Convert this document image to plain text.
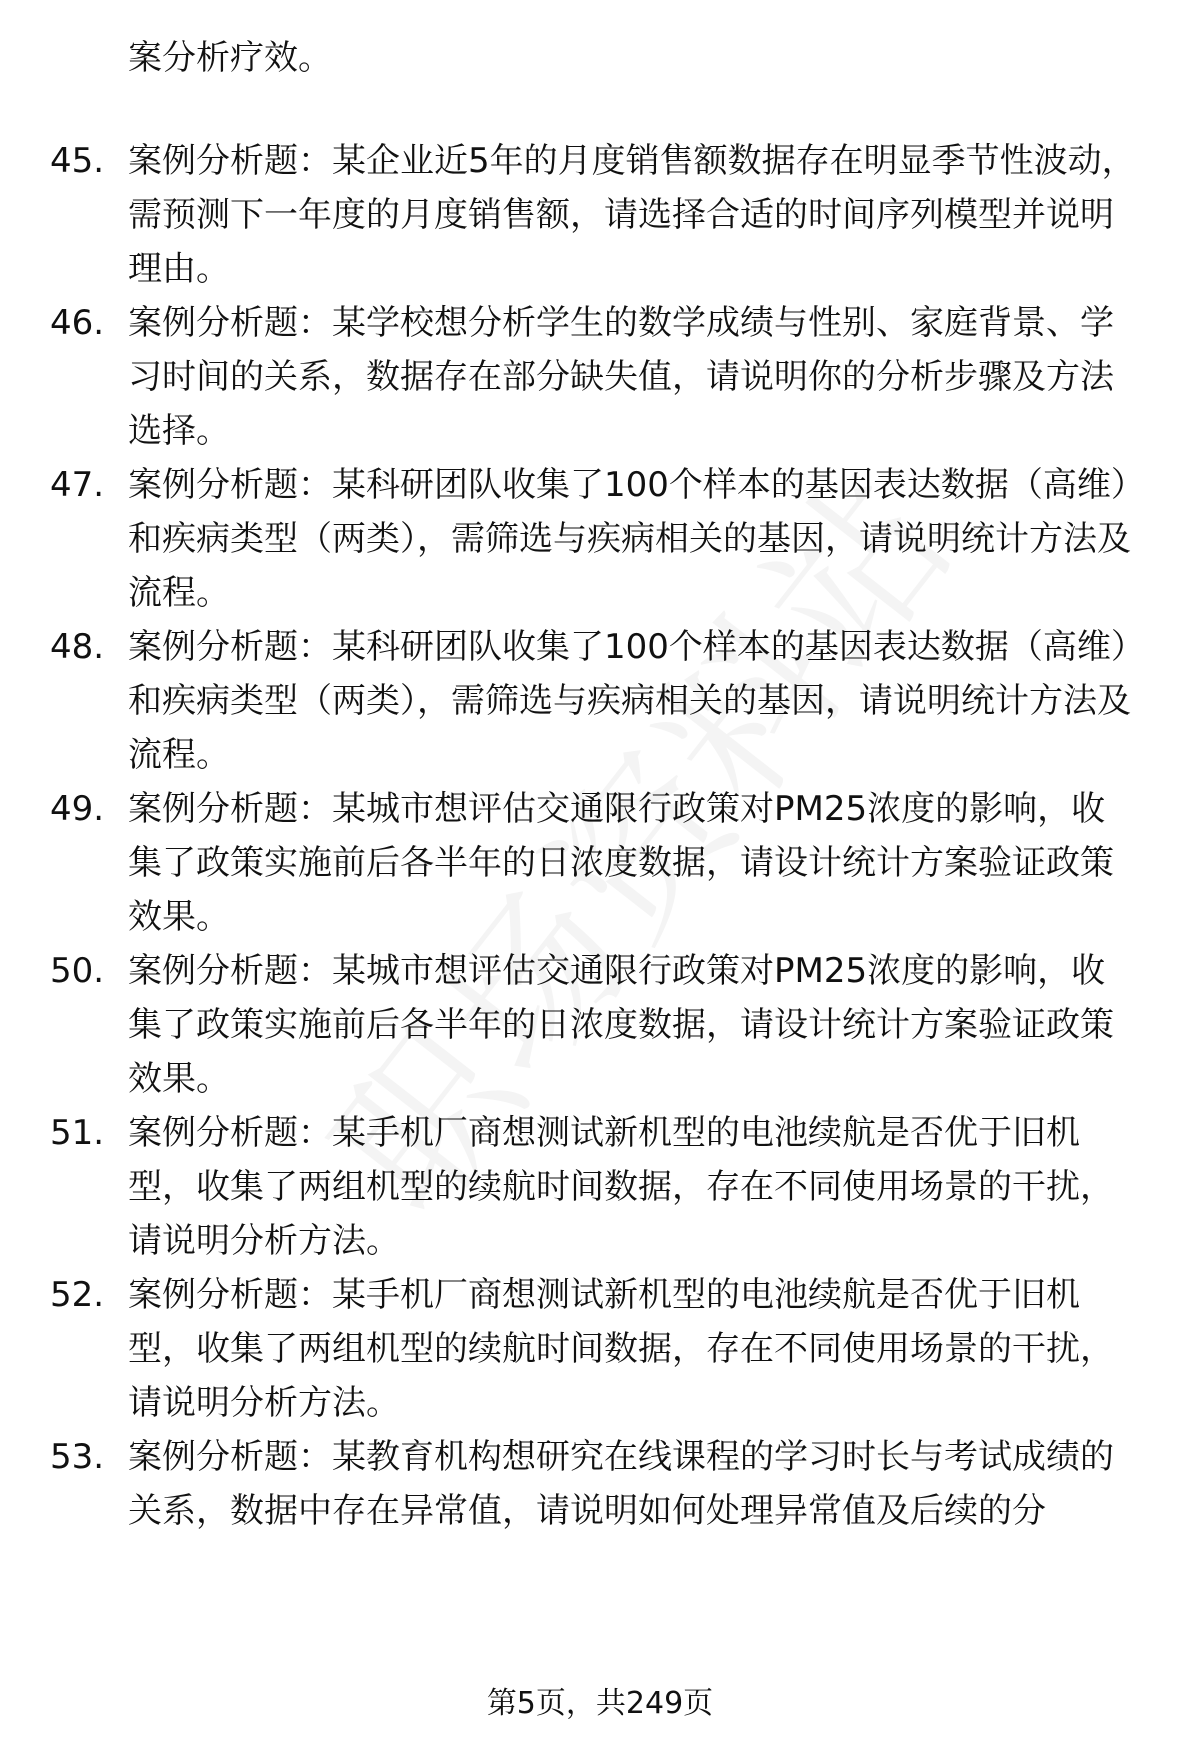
案分析疗效。

45. 案例分析题：某企业近5年的月度销售额数据存在明显季节性波动，需预测下一年度的月度销售额，请选择合适的时间序列模型并说明理由。

46. 案例分析题：某学校想分析学生的数学成绩与性别、家庭背景、学习时间的关系，数据存在部分缺失值，请说明你的分析步骤及方法选择。

47. 案例分析题：某科研团队收集了100个样本的基因表达数据（高维）和疾病类型（两类），需筛选与疾病相关的基因，请说明统计方法及流程。

48. 案例分析题：某科研团队收集了100个样本的基因表达数据（高维）和疾病类型（两类），需筛选与疾病相关的基因，请说明统计方法及流程。

49. 案例分析题：某城市想评估交通限行政策对PM25浓度的影响，收集了政策实施前后各半年的日浓度数据，请设计统计方案验证政策效果。

50. 案例分析题：某城市想评估交通限行政策对PM25浓度的影响，收集了政策实施前后各半年的日浓度数据，请设计统计方案验证政策效果。

51. 案例分析题：某手机厂商想测试新机型的电池续航是否优于旧机型，收集了两组机型的续航时间数据，存在不同使用场景的干扰，请说明分析方法。

52. 案例分析题：某手机厂商想测试新机型的电池续航是否优于旧机型，收集了两组机型的续航时间数据，存在不同使用场景的干扰，请说明分析方法。

53. 案例分析题：某教育机构想研究在线课程的学习时长与考试成绩的关系，数据中存在异常值，请说明如何处理异常值及后续的分

第5页，共249页
